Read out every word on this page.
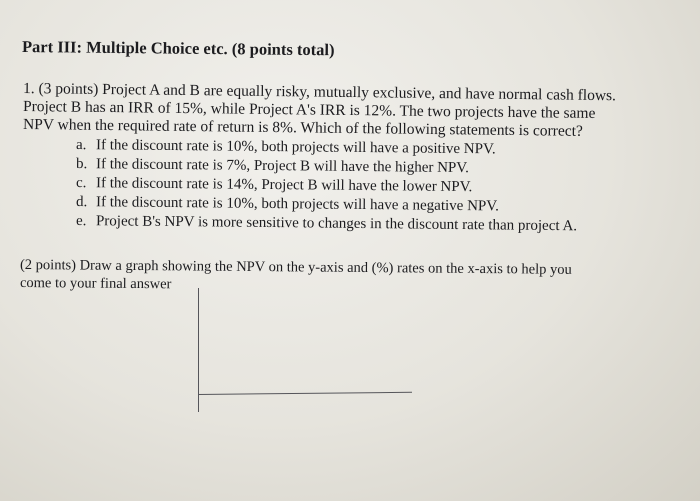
Part III: Multiple Choice etc. (8 points total)
1. (3 points) Project A and B are equally risky, mutually exclusive, and have normal cash flows.
Project B has an IRR of 15%, while Project A's IRR is 12%. The two projects have the same
NPV when the required rate of return is 8%. Which of the following statements is correct?
a. If the discount rate is 10%, both projects will have a positive NPV.
b. If the discount rate is 7%, Project B will have the higher NPV.
c. If the discount rate is 14%, Project B will have the lower NPV.
d. If the discount rate is 10%, both projects will have a negative NPV.
e. Project B's NPV is more sensitive to changes in the discount rate than project A.
(2 points) Draw a graph showing the NPV on the y-axis and (%) rates on the x-axis to help you
come to your final answer
